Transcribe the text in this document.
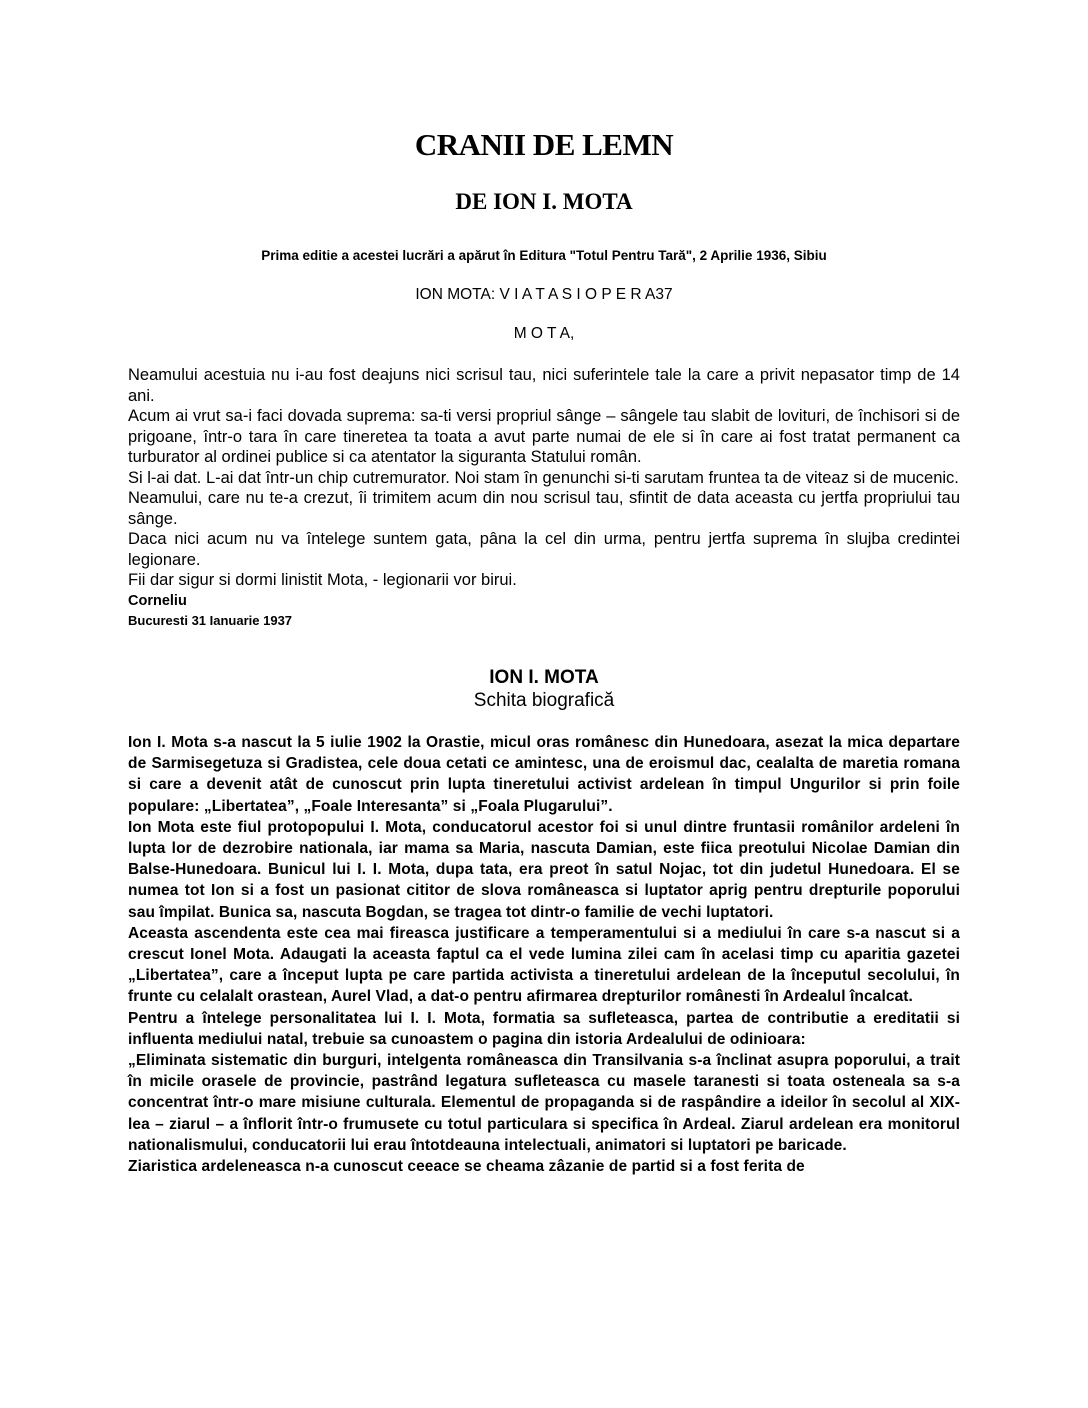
CRANII DE LEMN
DE ION I. MOTA
Prima editie a acestei lucrări a apărut în Editura "Totul Pentru Tară", 2 Aprilie 1936, Sibiu
ION MOTA: V I A T A S I O P E R A37
M O T A,

Neamului acestuia nu i-au fost deajuns nici scrisul tau, nici suferintele tale la care a privit nepasator timp de 14 ani.

Acum ai vrut sa-i faci dovada suprema: sa-ti versi propriul sânge – sângele tau slabit de lovituri, de închisori si de prigoane, într-o tara în care tineretea ta toata a avut parte numai de ele si în care ai fost tratat permanent ca turburator al ordinei publice si ca atentator la siguranta Statului român.

Si l-ai dat. L-ai dat într-un chip cutremurator. Noi stam în genunchi si-ti sarutam fruntea ta de viteaz si de mucenic.

Neamului, care nu te-a crezut, îi trimitem acum din nou scrisul tau, sfintit de data aceasta cu jertfa propriului tau sânge.

Daca nici acum nu va întelege suntem gata, pâna la cel din urma, pentru jertfa suprema în slujba credintei legionare.

Fii dar sigur si dormi linistit Mota, - legionarii vor birui.

Corneliu

Bucuresti 31 Ianuarie 1937

ION I. MOTA
Schita biografică

Ion I. Mota s-a nascut la 5 iulie 1902 la Orastie, micul oras românesc din Hunedoara, asezat la mica departare de Sarmisegetuza si Gradistea, cele doua cetati ce amintesc, una de eroismul dac, cealalta de maretia romana si care a devenit atât de cunoscut prin lupta tineretului activist ardelean în timpul Ungurilor si prin foile populare: „Libertatea”, „Foale Interesanta” si „Foala Plugarului”.

Ion Mota este fiul protopopului I. Mota, conducatorul acestor foi si unul dintre fruntasii românilor ardeleni în lupta lor de dezrobire nationala, iar mama sa Maria, nascuta Damian, este fiica preotului Nicolae Damian din Balse-Hunedoara. Bunicul lui I. I. Mota, dupa tata, era preot în satul Nojac, tot din judetul Hunedoara. El se numea tot Ion si a fost un pasionat cititor de slova româneasca si luptator aprig pentru drepturile poporului sau împilat. Bunica sa, nascuta Bogdan, se tragea tot dintr-o familie de vechi luptatori.

Aceasta ascendenta este cea mai fireasca justificare a temperamentului si a mediului în care s-a nascut si a crescut Ionel Mota. Adaugati la aceasta faptul ca el vede lumina zilei cam în acelasi timp cu aparitia gazetei „Libertatea”, care a început lupta pe care partida activista a tineretului ardelean de la începutul secolului, în frunte cu celalalt orastean, Aurel Vlad, a dat-o pentru afirmarea drepturilor românesti în Ardealul încalcat.

Pentru a întelege personalitatea lui I. I. Mota, formatia sa sufleteasca, partea de contributie a ereditatii si influenta mediului natal, trebuie sa cunoastem o pagina din istoria Ardealului de odinioara:

„Eliminata sistematic din burguri, intelgenta româneasca din Transilvania s-a înclinat asupra poporului, a trait în micile orasele de provincie, pastrând legatura sufleteasca cu masele taranesti si toata osteneala sa s-a concentrat într-o mare misiune culturala. Elementul de propaganda si de raspândire a ideilor în secolul al XIX-lea – ziarul – a înflorit într-o frumusete cu totul particulara si specifica în Ardeal. Ziarul ardelean era monitorul nationalismului, conducatorii lui erau întotdeauna intelectuali, animatori si luptatori pe baricade.

Ziaristica ardeleneasca n-a cunoscut ceeace se cheama zâzanie de partid si a fost ferita de
